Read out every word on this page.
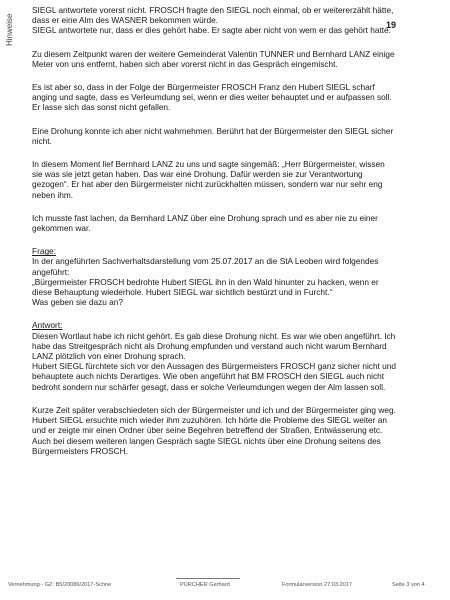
Hinweise	19
SIEGL antwortete vorerst nicht. FROSCH fragte den SIEGL noch einmal, ob er weitererzählt hätte,
dass er eine Alm des WASNER bekommen würde.
SIEGL antwortete nur, dass er dies gehört habe. Er sagte aber nicht von wem er das gehört hatte.
Zu diesem Zeitpunkt waren der weitere Gemeinderat Valentin TUNNER und Bernhard LANZ einige
Meter von uns entfernt, haben sich aber vorerst nicht in das Gespräch eingemischt.
Es ist aber so, dass in der Folge der Bürgermeister FROSCH Franz den Hubert SIEGL scharf
anging und sagte, dass es Verleumdung sei, wenn er dies weiter behauptet und er aufpassen soll.
Er lasse sich das sonst nicht gefallen.
Eine Drohung konnte ich aber nicht wahrnehmen. Berührt hat der Bürgermeister den SIEGL sicher
nicht.
In diesem Moment lief Bernhard LANZ zu uns und sagte singemäß: „Herr Bürgermeister, wissen
sie was sie jetzt getan haben. Das war eine Drohung. Dafür werden sie zur Verantwortung
gezogen“. Er hat aber den Bürgermeister nicht zurückhalten müssen, sondern war nur sehr eng
neben ihm.
Ich musste fast lachen, da Bernhard LANZ über eine Drohung sprach und es aber nie zu einer
gekommen war.
Frage:
In der angeführten Sachverhaltsdarstellung vom 25.07.2017 an die StA Leoben wird folgendes
angeführt:
„Bürgermeister FROSCH bedrohte Hubert SIEGL ihn in den Wald hinunter zu hacken, wenn er
diese Behauptung wiederhole. Hubert SIEGL war sichtlich bestürzt und in Furcht.“
Was geben sie dazu an?
Antwort:
Diesen Wortlaut habe ich nicht gehört. Es gab diese Drohung nicht. Es war wie oben angeführt. Ich
habe das Streitgespräch nicht als Drohung empfunden und verstand auch nicht warum Bernhard
LANZ plötzlich von einer Drohung sprach.
Hubert SIEGL fürchtete sich vor den Aussagen des Bürgermeisters FROSCH ganz sicher nicht und
behauptete auch nichts Derartiges. Wie oben angeführt hat BM FROSCH den SIEGL auch nicht
bedroht sondern nur schärfer gesagt, dass er solche Verleumdungen wegen der Alm lassen soll.
Kurze Zeit später verabschiedeten sich der Bürgermeister und ich und der Bürgermeister ging weg.
Hubert SIEGL ersuchte mich wieder ihm zuzuhören. Ich hörte die Probleme des SIEGL weiter an
und er zeigte mir einen Ordner über seine Begehren betreffend der Straßen, Entwässerung etc.
Auch bei diesem weiteren langen Gespräch sagte SIEGL nichts über eine Drohung seitens des
Bürgermeisters FROSCH.
Vernehmung - GZ: B5/20086/2017-Schne	PÜRCHER Gerhard	Formularversion 27.03.2017	Seite 3 von 4
